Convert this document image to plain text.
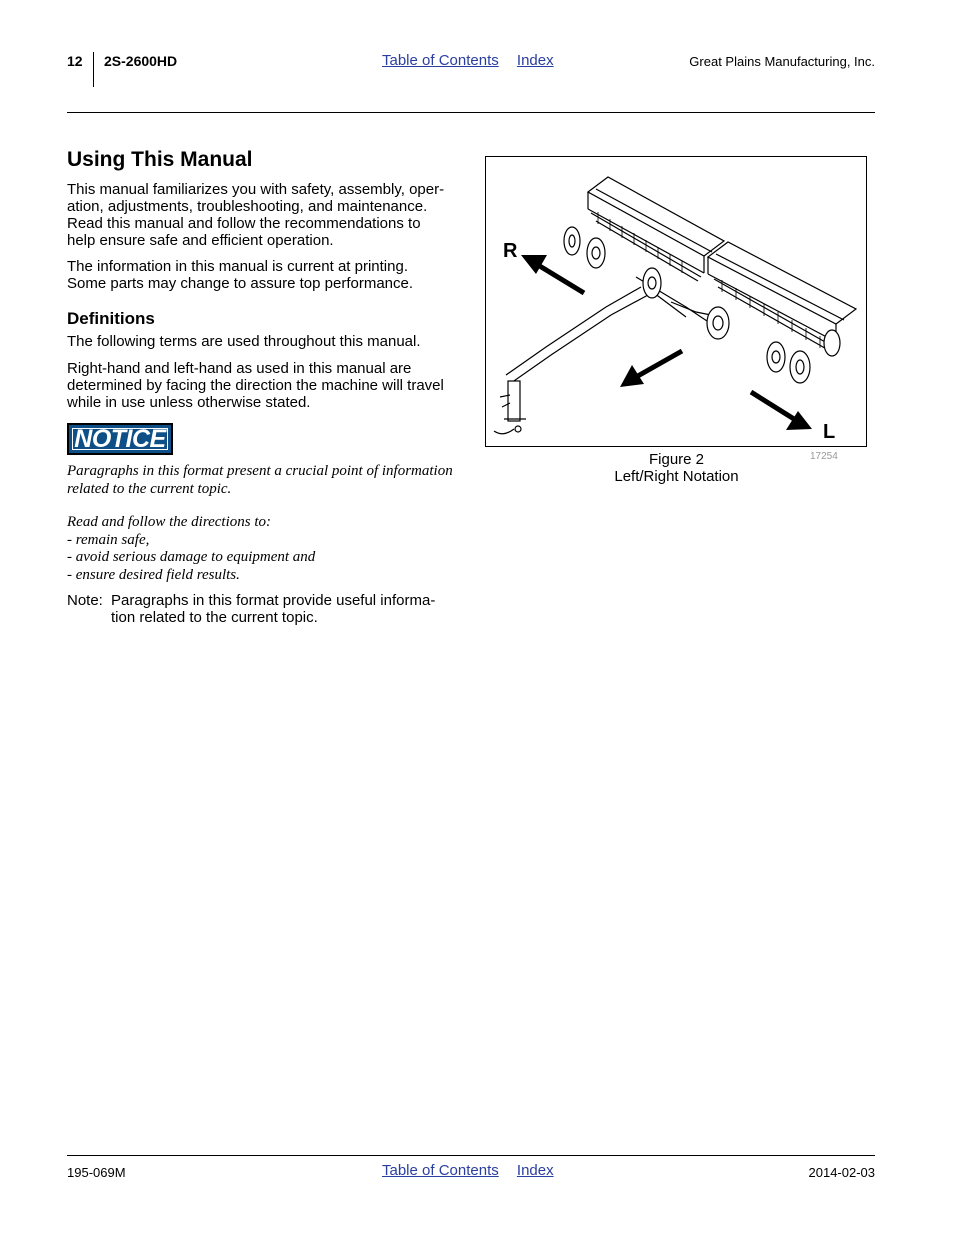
12 2S-2600HD	Table of Contents Index	Great Plains Manufacturing, Inc.
Using This Manual

This manual familiarizes you with safety, assembly, oper-

ation, adjustments, troubleshooting, and maintenance.

Read this manual and follow the recommendations to

help ensure safe and efficient operation.

The information in this manual is current at printing.

Some parts may change to assure top performance.

Definitions

The following terms are used throughout this manual.

Right-hand and left-hand as used in this manual are

determined by facing the direction the machine will travel

while in use unless otherwise stated.

NOTICE
Paragraphs in this format present a crucial point of information
related to the current topic.
Read and follow the directions to:
- remain safe,
- avoid serious damage to equipment and
- ensure desired field results.
Note: Paragraphs in this format provide useful informa-
tion related to the current topic.
R
L
Figure 2
Left/Right Notation
17254
195-069M	Table of Contents Index	2014-02-03
